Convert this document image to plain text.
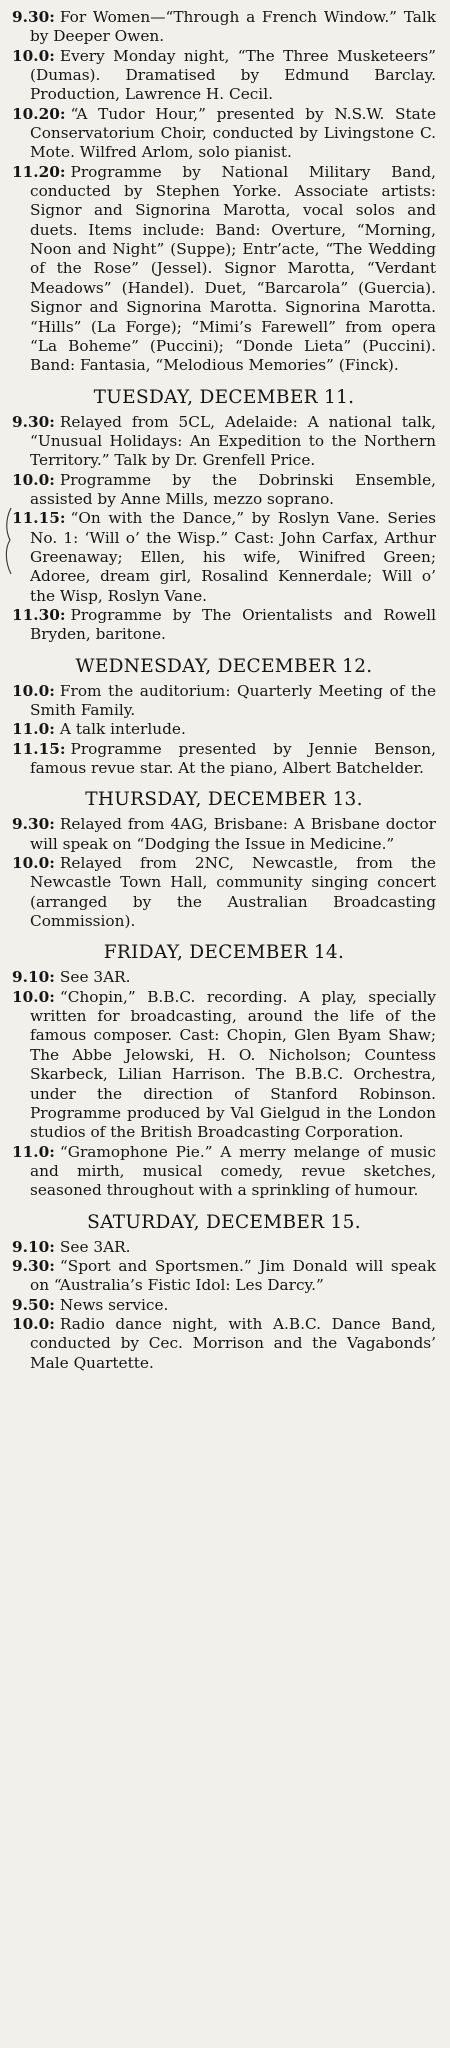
9.30: For Women—“Through a French Window.” Talk by Deeper Owen.
10.0: Every Monday night, “The Three Musketeers” (Dumas). Dramatised by Edmund Barclay. Production, Lawrence H. Cecil.
10.20: “A Tudor Hour,” presented by N.S.W. State Conservatorium Choir, conducted by Livingstone C. Mote. Wilfred Arlom, solo pianist.
11.20: Programme by National Military Band, conducted by Stephen Yorke. Associate artists: Signor and Signorina Marotta, vocal solos and duets. Items include: Band: Overture, “Morning, Noon and Night” (Suppe); Entr’acte, “The Wedding of the Rose” (Jessel). Signor Marotta, “Verdant Meadows” (Handel). Duet, “Barcarola” (Guercia). Signor and Signorina Marotta. Signorina Marotta. “Hills” (La Forge); “Mimi’s Farewell” from opera “La Boheme” (Puccini); “Donde Lieta” (Puccini). Band: Fantasia, “Melodious Memories” (Finck).
TUESDAY, DECEMBER 11.
9.30: Relayed from 5CL, Adelaide: A national talk, “Unusual Holidays: An Expedition to the Northern Territory.” Talk by Dr. Grenfell Price.
10.0: Programme by the Dobrinski Ensemble, assisted by Anne Mills, mezzo soprano.
11.15: “On with the Dance,” by Roslyn Vane. Series No. 1: ‘Will o’ the Wisp.” Cast: John Carfax, Arthur Greenaway; Ellen, his wife, Winifred Green; Adoree, dream girl, Rosalind Kennerdale; Will o’ the Wisp, Roslyn Vane.
11.30: Programme by The Orientalists and Rowell Bryden, baritone.
WEDNESDAY, DECEMBER 12.
10.0: From the auditorium: Quarterly Meeting of the Smith Family.
11.0: A talk interlude.
11.15: Programme presented by Jennie Benson, famous revue star. At the piano, Albert Batchelder.
THURSDAY, DECEMBER 13.
9.30: Relayed from 4AG, Brisbane: A Brisbane doctor will speak on “Dodging the Issue in Medicine.”
10.0: Relayed from 2NC, Newcastle, from the Newcastle Town Hall, community singing concert (arranged by the Australian Broadcasting Commission).
FRIDAY, DECEMBER 14.
9.10: See 3AR.
10.0: “Chopin,” B.B.C. recording. A play, specially written for broadcasting, around the life of the famous composer. Cast: Chopin, Glen Byam Shaw; The Abbe Jelowski, H. O. Nicholson; Countess Skarbeck, Lilian Harrison. The B.B.C. Orchestra, under the direction of Stanford Robinson. Programme produced by Val Gielgud in the London studios of the British Broadcasting Corporation.
11.0: “Gramophone Pie.” A merry melange of music and mirth, musical comedy, revue sketches, seasoned throughout with a sprinkling of humour.
SATURDAY, DECEMBER 15.
9.10: See 3AR.
9.30: “Sport and Sportsmen.” Jim Donald will speak on “Australia’s Fistic Idol: Les Darcy.”
9.50: News service.
10.0: Radio dance night, with A.B.C. Dance Band, conducted by Cec. Morrison and the Vagabonds’ Male Quartette.
